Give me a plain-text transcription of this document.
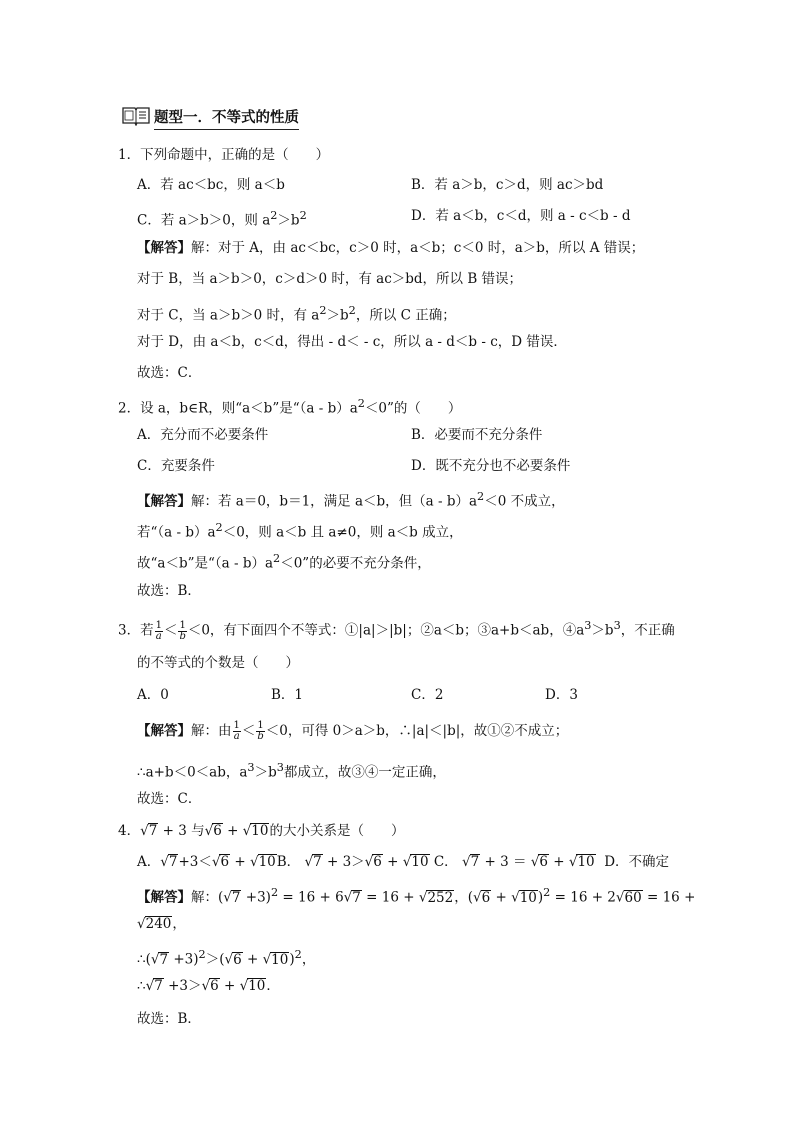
题型一．不等式的性质
1．下列命题中，正确的是（　　）
A．若 ac＜bc，则 a＜b	B．若 a＞b，c＞d，则 ac＞bd
C．若 a＞b＞0，则 $a^2>b^2$	D．若 a＜b，c＜d，则 a - c＜b - d
【解答】解：对于 A，由 ac＜bc，c＞0 时，a＜b；c＜0 时，a＞b，所以 A 错误；
对于 B，当 a＞b＞0，c＞d＞0 时，有 ac＞bd，所以 B 错误；
对于 C，当 a＞b＞0 时，有 $a^2>b^2$，所以 C 正确；
对于 D，由 a＜b，c＜d，得出 - d＜ - c，所以 a - d＜b - c，D 错误．
故选：C．
2．设 a，b∈R，则“a＜b”是“$(a - b)a^2<0$”的（　　）
A．充分而不必要条件	B．必要而不充分条件
C．充要条件	D．既不充分也不必要条件
【解答】解：若 a＝0，b＝1，满足 a＜b，但$(a - b)a^2<0$ 不成立，
若“$(a - b)a^2<0$，则 a＜b 且 a≠0，则 a＜b 成立，
故“a＜b”是“$(a - b)a^2<0$”的必要不充分条件，
故选：B．
3．若 $\frac{1}{a} < \frac{1}{b} <0$，有下面四个不等式：①|a|＞|b|；②a＜b；③a+b＜ab，$④a^3>b^3$，不正确
的不等式的个数是（　　）
A．0	B．1	C．2	D．3
【解答】解：由 $\frac{1}{a} < \frac{1}{b} <0$，可得 0＞a＞b，∴|a|＜|b|，故①②不成立；
∴a+b＜0＜ab，$a^3>b^3$都成立，故③④一定正确，
故选：C．
4．√7 + 3 与√6 + √10的大小关系是（　　）
A．√7+3＜√6 + √10B． √7 + 3＞√6 + √10 C． √7 + 3 ＝ √6 + √10 D．不确定
【解答】解：$(√7 +3)^2 = 16 + 6√7 = 16 + √252$，$(√6 + √10)^2 = 16 + 2√60 = 16$ +
√240，
∴(√7 $+3)^2>(√6 + √10)^2$，
∴√7 +3＞√6 + √10．
故选：B．
